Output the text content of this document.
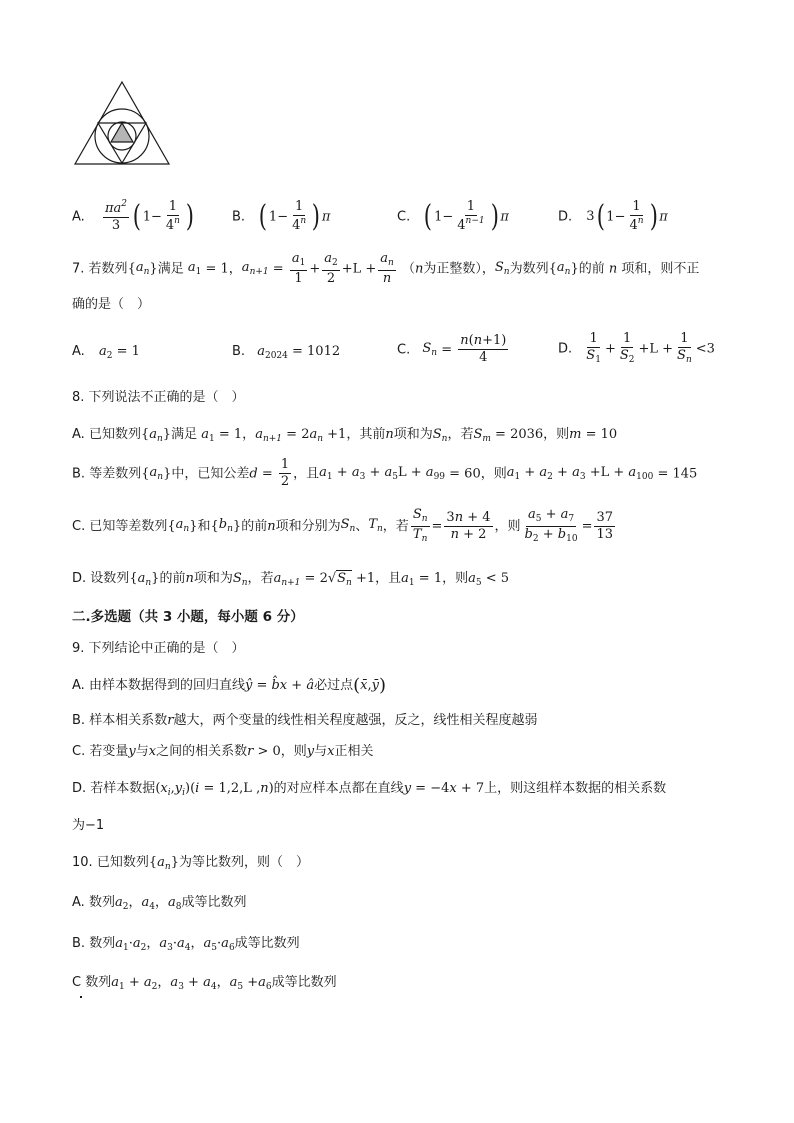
A. $\frac{\pi a^2}{3}$ ( $1- \frac{1}{4^n}$ )	B. ( $1- \frac{1}{4^n}$ ) π	C. ( $1- \frac{1}{4^{n-1}}$ ) π	D. 3( $1- \frac{1}{4^n}$ ) π
7. 若数列$\{a_n\}$满足 $a_1 = 1$，$a_{n+1} = \frac{a_1}{1} + \frac{a_2}{2} +L + \frac{a_n}{n} (n$为正整数），$S_n$为数列$\{a_n\}$的前 n 项和，则不正
确的是（　）
A. $a_2 = 1$	B. $a_{2024} = 1012$	C. $S_n = \frac{n(n+1)}{4}$	D. $\frac{1}{S_1} + \frac{1}{S_2} +L + \frac{1}{S_n} <3$
8. 下列说法不正确的是（　）
A. 已知数列$\{a_n\}$满足 $a_1 = 1$，$a_{n+1} = 2a_n +1$，其前n项和为$S_n$，若$S_m = 2036$，则m = 10
B. 等差数列$\{a_n\}$中，已知公差$d = \frac{1}{2}$ ，且$a_1 + a_3 + a_5L + a_{99} = 60$，则$a_1 + a_2 + a_3 +L + a_{100} = 145$
C. 已知等差数列$\{a_n\}$和$\{b_n\}$的前n项和分别为$S_n$、$T_n$，若 $\frac{S_n}{T_n} = \frac{3n + 4}{n + 2}$ ，则 $\frac{a_5 + a_7}{b_2 + b_{10}} = \frac{37}{13}$
D. 设数列$\{a_n\}$的前n项和为$S_n$，若$a_{n+1} = 2√S_n +1$，且$a_1 = 1$，则$a_5 < 5$
二.多选题（共 3 小题，每小题 6 分）
9. 下列结论中正确的是（　）
A. 由样本数据得到的回归直线ŷ = b̂x + â必过点(x̄,ȳ)
B. 样本相关系数r越大，两个变量的线性相关程度越强，反之，线性相关程度越弱
C. 若变量y与x之间的相关系数r > 0，则y与x正相关
D. 若样本数据$(x_i,y_i)(i = 1,2,L$ ,n)的对应样本点都在直线y = −4x + 7上，则这组样本数据的相关系数
为−1
10. 已知数列$\{a_n\}$为等比数列，则（　）
A. 数列$a_2$，$a_4$，$a_8$成等比数列
B. 数列$a_1\cdot a_2$，$a_3\cdot a_4$，$a_5\cdot a_6$成等比数列
C 数列$a_1 + a_2$，$a_3 + a_4$，$a_5 +a_6$成等比数列
